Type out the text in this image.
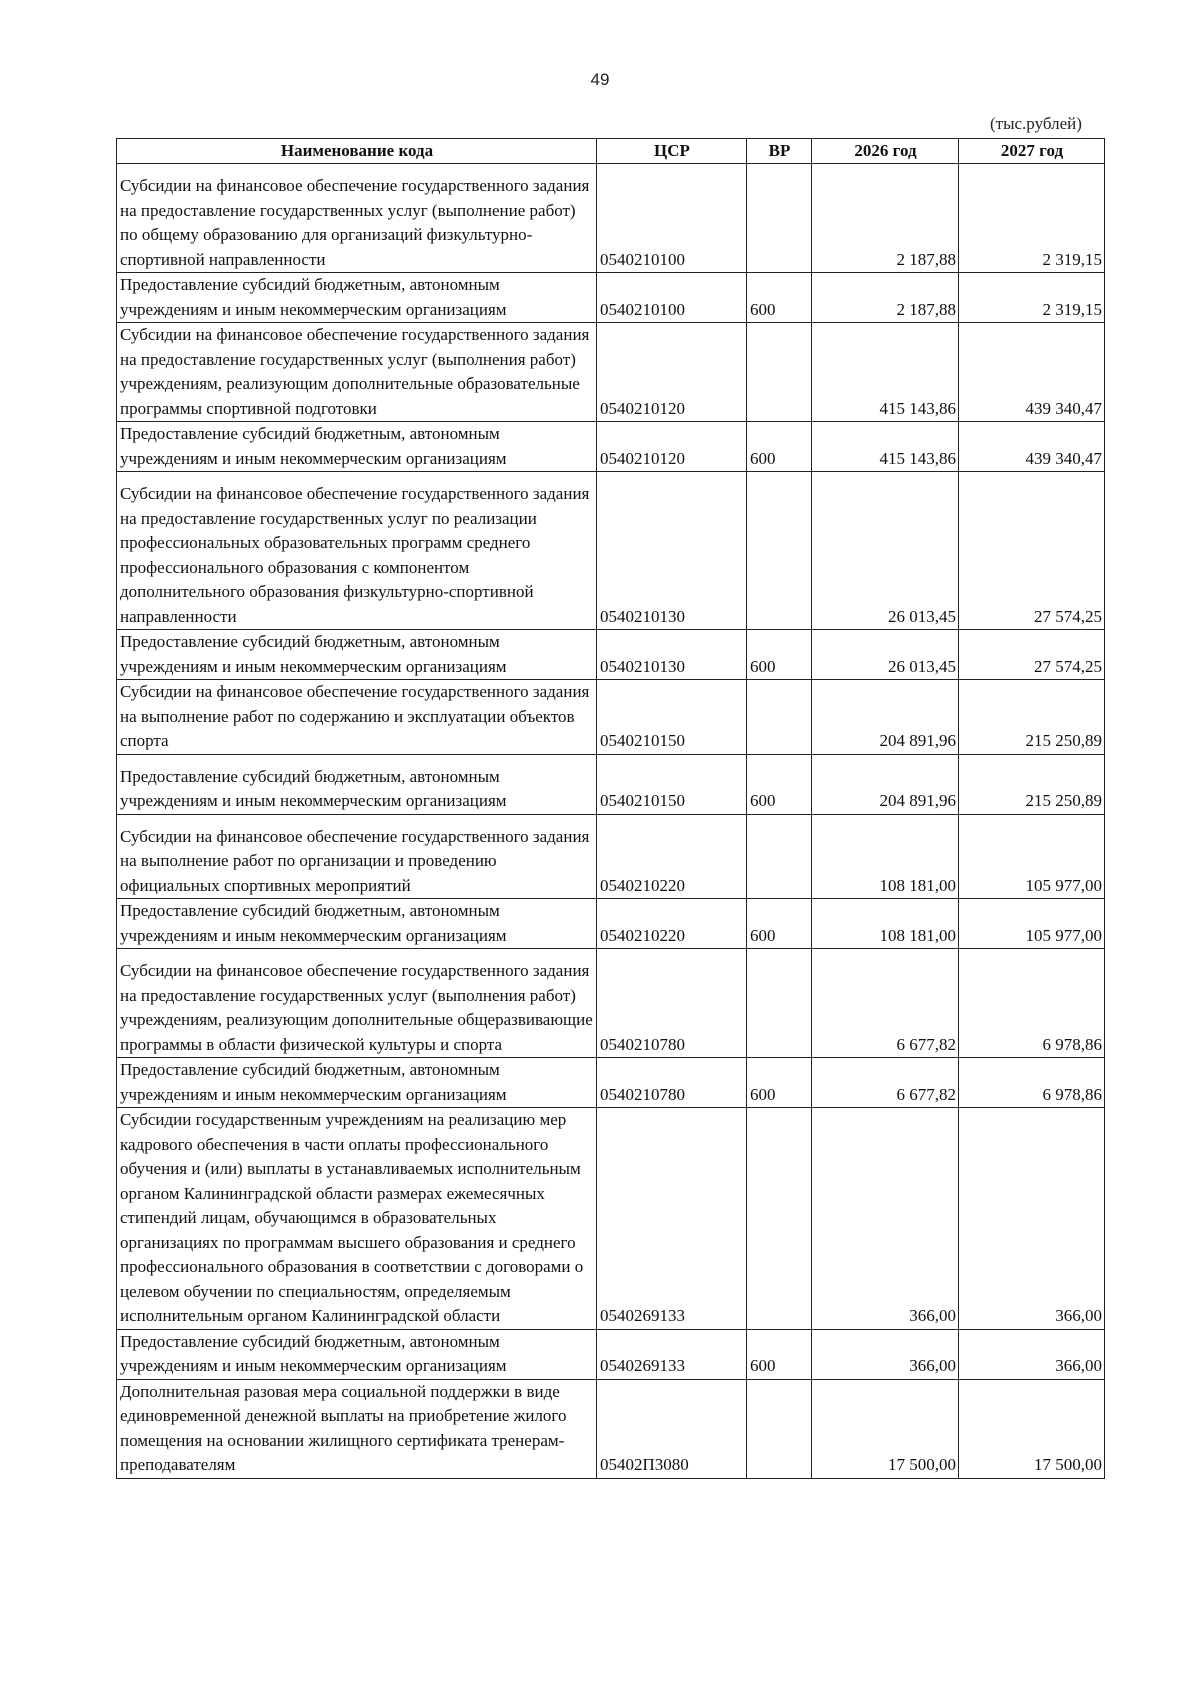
49
(тыс.рублей)
Наименование кода	ЦСР	ВР	2026 год	2027 год
Субсидии на финансовое обеспечение государственного задания на предоставление государственных услуг (выполнение работ) по общему образованию для организаций физкультурно-спортивной направленности	0540210100		2 187,88	2 319,15
Предоставление субсидий бюджетным, автономным учреждениям и иным некоммерческим организациям	0540210100	600	2 187,88	2 319,15
Субсидии на финансовое обеспечение государственного задания на предоставление государственных услуг (выполнения работ) учреждениям, реализующим дополнительные образовательные программы спортивной подготовки	0540210120		415 143,86	439 340,47
Предоставление субсидий бюджетным, автономным учреждениям и иным некоммерческим организациям	0540210120	600	415 143,86	439 340,47
Субсидии на финансовое обеспечение государственного задания на предоставление государственных услуг по реализации профессиональных образовательных программ среднего профессионального образования с компонентом дополнительного образования физкультурно-спортивной направленности	0540210130		26 013,45	27 574,25
Предоставление субсидий бюджетным, автономным учреждениям и иным некоммерческим организациям	0540210130	600	26 013,45	27 574,25
Субсидии на финансовое обеспечение государственного задания на выполнение работ по содержанию и эксплуатации объектов спорта	0540210150		204 891,96	215 250,89
Предоставление субсидий бюджетным, автономным учреждениям и иным некоммерческим организациям	0540210150	600	204 891,96	215 250,89
Субсидии на финансовое обеспечение государственного задания на выполнение работ по организации и проведению официальных спортивных мероприятий	0540210220		108 181,00	105 977,00
Предоставление субсидий бюджетным, автономным учреждениям и иным некоммерческим организациям	0540210220	600	108 181,00	105 977,00
Субсидии на финансовое обеспечение государственного задания на предоставление государственных услуг (выполнения работ) учреждениям, реализующим дополнительные общеразвивающие программы в области физической культуры и спорта	0540210780		6 677,82	6 978,86
Предоставление субсидий бюджетным, автономным учреждениям и иным некоммерческим организациям	0540210780	600	6 677,82	6 978,86
Субсидии государственным учреждениям на реализацию мер кадрового обеспечения в части оплаты профессионального обучения и (или) выплаты в устанавливаемых исполнительным органом Калининградской области размерах ежемесячных стипендий лицам, обучающимся в образовательных организациях по программам высшего образования и среднего профессионального образования в соответствии с договорами о целевом обучении по специальностям, определяемым исполнительным органом Калининградской области	0540269133		366,00	366,00
Предоставление субсидий бюджетным, автономным учреждениям и иным некоммерческим организациям	0540269133	600	366,00	366,00
Дополнительная разовая мера социальной поддержки в виде единовременной денежной выплаты на приобретение жилого помещения на основании жилищного сертификата тренерам-преподавателям	05402П3080		17 500,00	17 500,00
